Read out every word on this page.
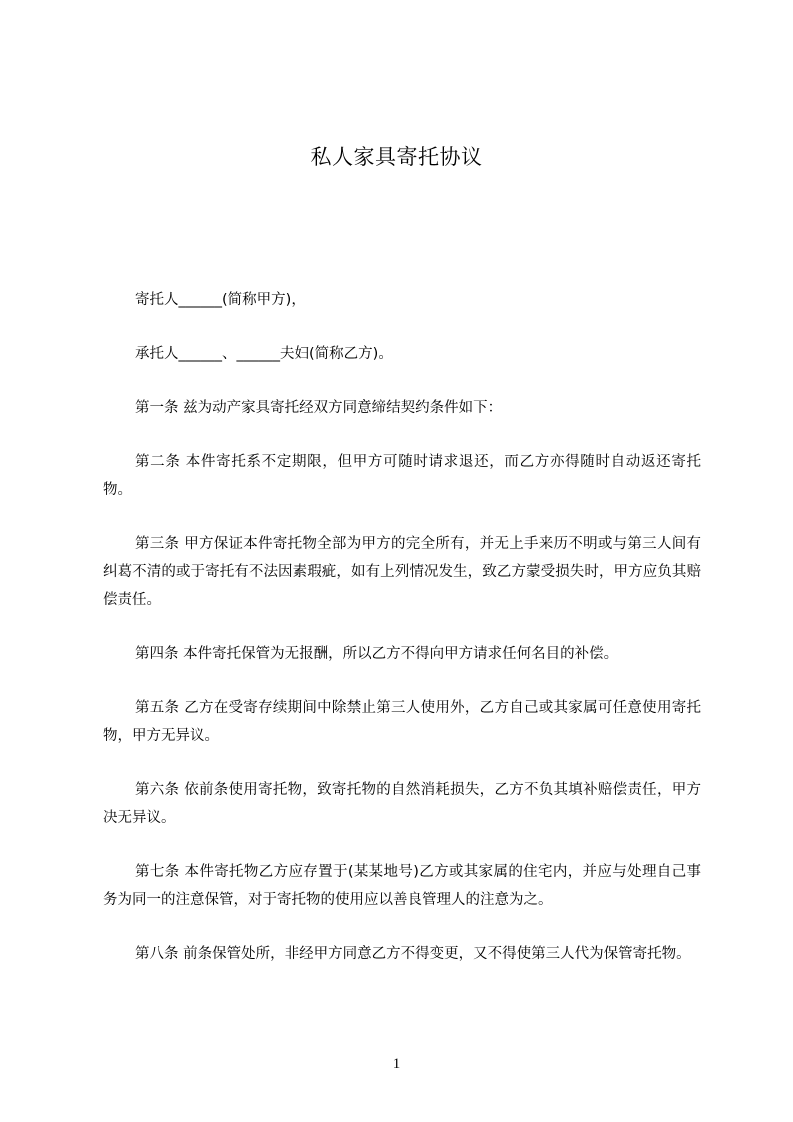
私人家具寄托协议

寄托人______(简称甲方)，

承托人______、______夫妇(简称乙方)。

第一条 兹为动产家具寄托经双方同意缔结契约条件如下：

第二条 本件寄托系不定期限，但甲方可随时请求退还，而乙方亦得随时自动返还寄托物。

第三条 甲方保证本件寄托物全部为甲方的完全所有，并无上手来历不明或与第三人间有纠葛不清的或于寄托有不法因素瑕疵，如有上列情况发生，致乙方蒙受损失时，甲方应负其赔偿责任。

第四条 本件寄托保管为无报酬，所以乙方不得向甲方请求任何名目的补偿。

第五条 乙方在受寄存续期间中除禁止第三人使用外，乙方自己或其家属可任意使用寄托物，甲方无异议。

第六条 依前条使用寄托物，致寄托物的自然消耗损失，乙方不负其填补赔偿责任，甲方决无异议。

第七条 本件寄托物乙方应存置于(某某地号)乙方或其家属的住宅内，并应与处理自己事务为同一的注意保管，对于寄托物的使用应以善良管理人的注意为之。

第八条 前条保管处所，非经甲方同意乙方不得变更，又不得使第三人代为保管寄托物。

1
